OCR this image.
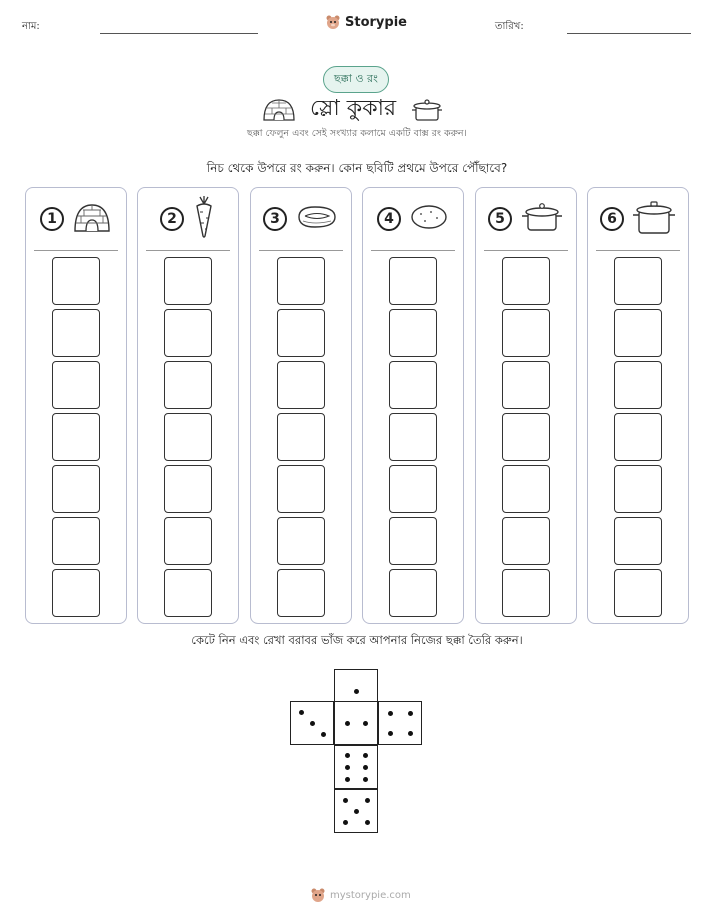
নাম:	Storypie	তারিখ:
ছক্কা ও রং
স্লো কুকার
ছক্কা ফেলুন এবং সেই সংখ্যার কলামে একটি বাক্স রং করুন।
নিচ থেকে উপরে রং করুন। কোন ছবিটি প্রথমে উপরে পৌঁছাবে?
1	2	3	4	5	6
কেটে নিন এবং রেখা বরাবর ভাঁজ করে আপনার নিজের ছক্কা তৈরি করুন।
mystorypie.com
